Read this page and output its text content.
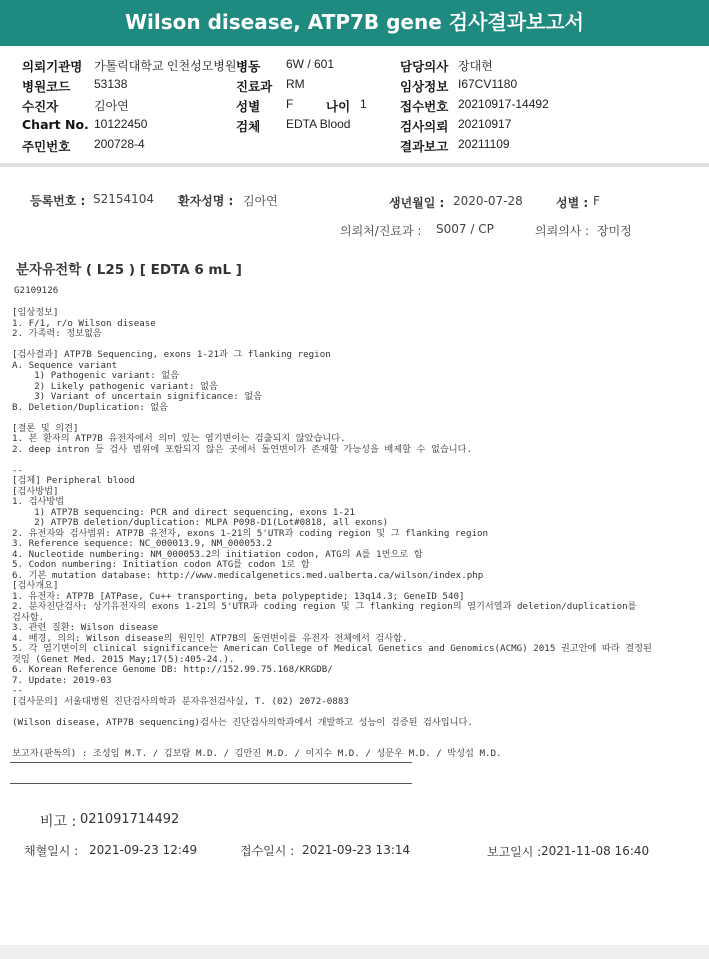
Wilson disease, ATP7B gene 검사결과보고서
의뢰기관명 가톨릭대학교 인천성모병원 병동 6W / 601	담당의사 장대현
병원코드 53138	진료과 RM	임상정보 I67CV1180
수진자	김아연	성별 F	나이 1	접수번호 20210917-14492
Chart No. 10122450	검체 EDTA Blood	검사의뢰 20210917
주민번호 200728-4	결과보고 20211109
등록번호 : S2154104 환자성명 : 김아연	생년월일 : 2020-07-28	성별 : F
의뢰처/진료과 : S007 / CP	의뢰의사 : 장미정
분자유전학 ( L25 ) [ EDTA 6 mL ]
G2109126
[임상정보]
1. F/1, r/o Wilson disease
2. 가족력: 정보없음
[검사결과] ATP7B Sequencing, exons 1-21과 그 flanking region
A. Sequence variant
1) Pathogenic variant: 없음
2) Likely pathogenic variant: 없음
3) Variant of uncertain significance: 없음
B. Deletion/Duplication: 없음
[결론 및 의견]
1. 본 환자의 ATP7B 유전자에서 의미 있는 염기변이는 검출되지 않았습니다.
2. deep intron 등 검사 범위에 포함되지 않은 곳에서 돌연변이가 존재할 가능성을 배제할 수 없습니다.
--
[검체] Peripheral blood
[검사방법]
1. 검사방법
1) ATP7B sequencing: PCR and direct sequencing, exons 1-21
2) ATP7B deletion/duplication: MLPA P098-D1(Lot#0818, all exons)
2. 유전자와 검사범위: ATP7B 유전자, exons 1-21의 5'UTR과 coding region 및 그 flanking region
3. Reference sequence: NC_000013.9, NM_000053.2
4. Nucleotide numbering: NM_000053.2의 initiation codon, ATG의 A를 1번으로 함
5. Codon numbering: Initiation codon ATG를 codon 1로 함
6. 기본 mutation database: http://www.medicalgenetics.med.ualberta.ca/wilson/index.php
[검사개요]
1. 유전자: ATP7B [ATPase, Cu++ transporting, beta polypeptide; 13q14.3; GeneID 540]
2. 분자진단검사: 상기유전자의 exons 1-21의 5'UTR과 coding region 및 그 flanking region의 염기서열과 deletion/duplication를
검사함.
3. 관련 질환: Wilson disease
4. 배경, 의의: Wilson disease의 원인인 ATP7B의 돌연변이를 유전자 전체에서 검사함.
5. 각 염기변이의 clinical significance는 American College of Medical Genetics and Genomics(ACMG) 2015 권고안에 따라 결정된
것임 (Genet Med. 2015 May;17(5):405-24.).
6. Korean Reference Genome DB: http://152.99.75.168/KRGDB/
7. Update: 2019-03
--
[검사문의] 서울대병원 진단검사의학과 분자유전검사실, T. (02) 2072-0883
(Wilson disease, ATP7B sequencing)검사는 진단검사의학과에서 개발하고 성능이 검증된 검사입니다.
보고자(판독의) : 조성임 M.T. / 김보람 M.D. / 김만진 M.D. / 이지수 M.D. / 성문우 M.D. / 박성섭 M.D.
비고 : 021091714492
채혈일시 : 2021-09-23 12:49	접수일시 : 2021-09-23 13:14	보고일시 : 2021-11-08 16:40
